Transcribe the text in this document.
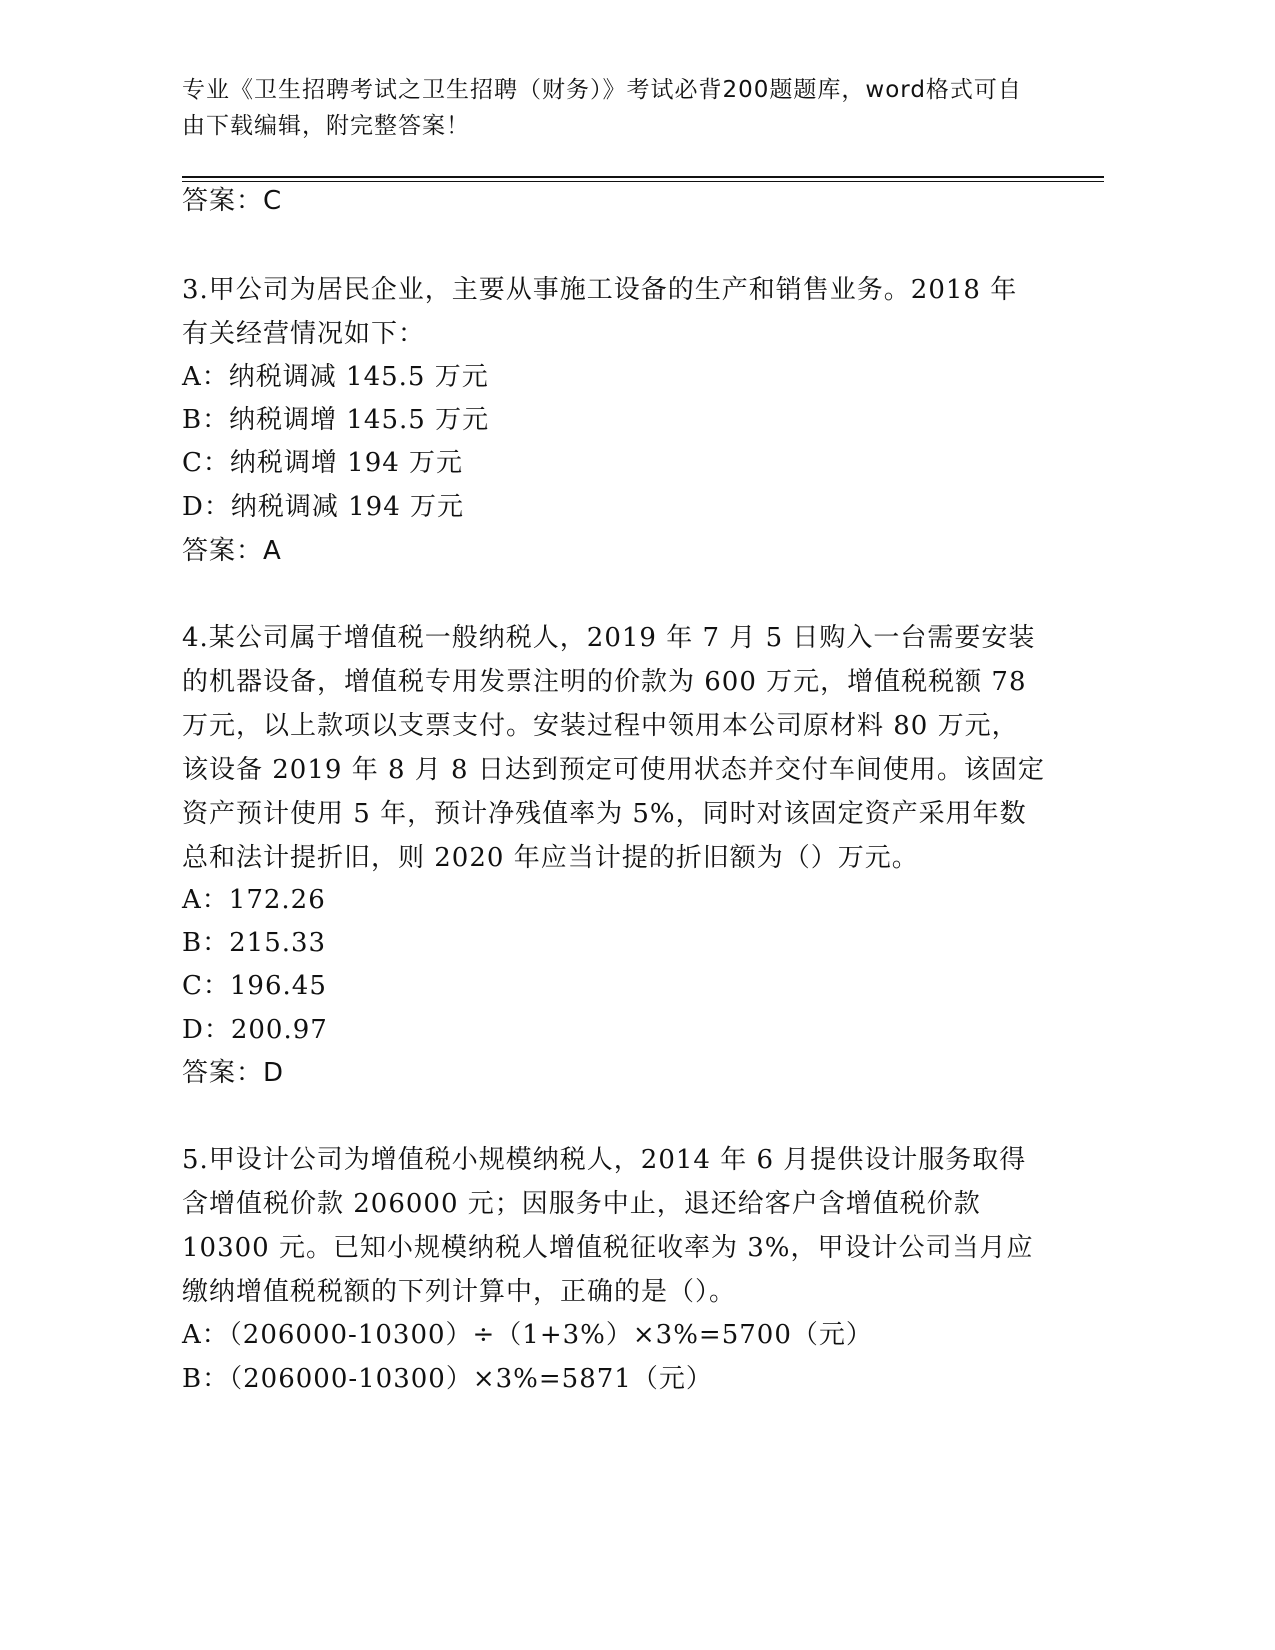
专业《卫生招聘考试之卫生招聘（财务）》考试必背200题题库，word格式可自
由下载编辑，附完整答案！
答案：C
3.甲公司为居民企业，主要从事施工设备的生产和销售业务。2018 年
有关经营情况如下：
A：纳税调减 145.5 万元
B：纳税调增 145.5 万元
C：纳税调增 194 万元
D：纳税调减 194 万元
答案：A
4.某公司属于增值税一般纳税人，2019 年 7 月 5 日购入一台需要安装
的机器设备，增值税专用发票注明的价款为 600 万元，增值税税额 78
万元，以上款项以支票支付。安装过程中领用本公司原材料 80 万元，
该设备 2019 年 8 月 8 日达到预定可使用状态并交付车间使用。该固定
资产预计使用 5 年，预计净残值率为 5%，同时对该固定资产采用年数
总和法计提折旧，则 2020 年应当计提的折旧额为（）万元。
A：172.26
B：215.33
C：196.45
D：200.97
答案：D
5.甲设计公司为增值税小规模纳税人，2014 年 6 月提供设计服务取得
含增值税价款 206000 元；因服务中止，退还给客户含增值税价款
10300 元。已知小规模纳税人增值税征收率为 3%，甲设计公司当月应
缴纳增值税税额的下列计算中，正确的是（）。
A：（206000-10300）÷（1+3%）×3%=5700（元）
B：（206000-10300）×3%=5871（元）
